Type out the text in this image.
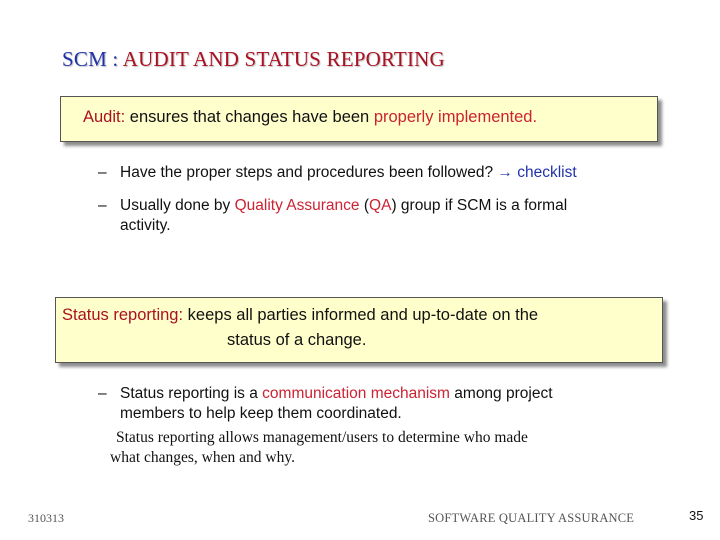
SCM : AUDIT AND STATUS REPORTING
Audit: ensures that changes have been properly implemented.
– Have the proper steps and procedures been followed? → checklist
– Usually done by Quality Assurance (QA) group if SCM is a formal
activity.
Status reporting: keeps all parties informed and up-to-date on the
status of a change.
– Status reporting is a communication mechanism among project
members to help keep them coordinated.
Status reporting allows management/users to determine who made
what changes, when and why.
310313	SOFTWARE QUALITY ASSURANCE	35
